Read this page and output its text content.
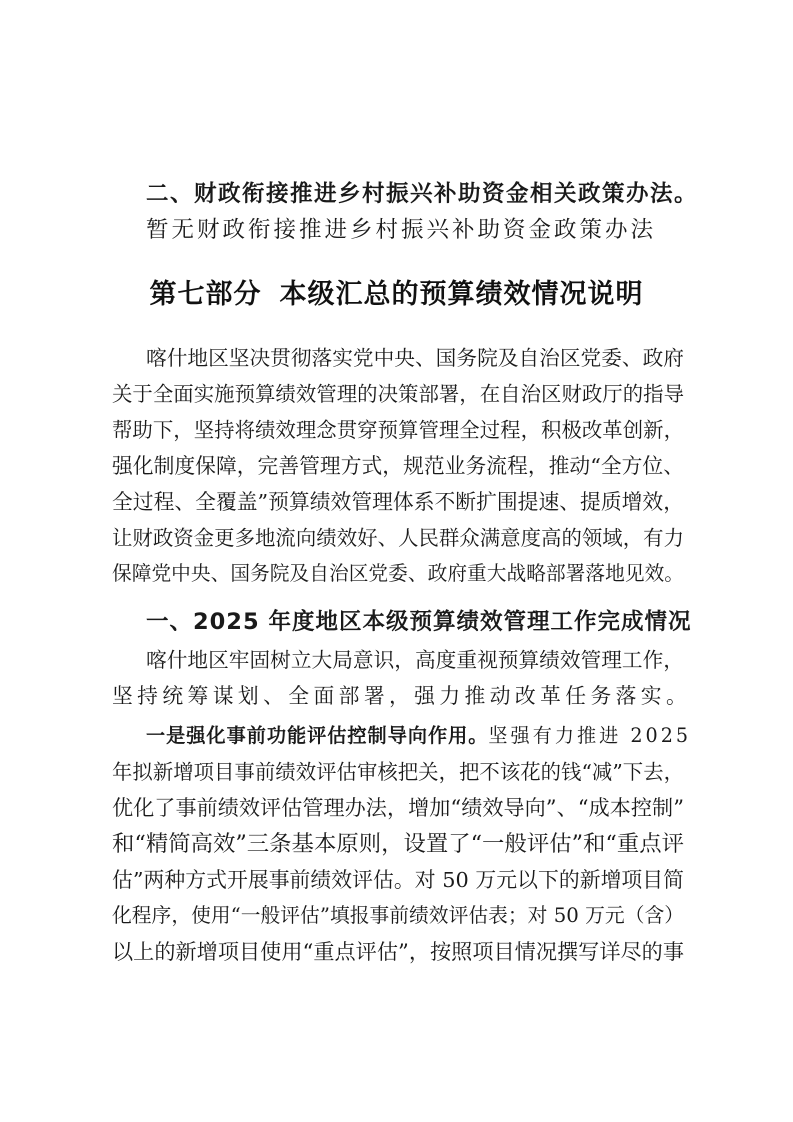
二、财政衔接推进乡村振兴补助资金相关政策办法。
暂无财政衔接推进乡村振兴补助资金政策办法
第七部分 本级汇总的预算绩效情况说明
喀什地区坚决贯彻落实党中央、国务院及自治区党委、政府
关于全面实施预算绩效管理的决策部署，在自治区财政厅的指导
帮助下，坚持将绩效理念贯穿预算管理全过程，积极改革创新，
强化制度保障，完善管理方式，规范业务流程，推动“全方位、
全过程、全覆盖”预算绩效管理体系不断扩围提速、提质增效，
让财政资金更多地流向绩效好、人民群众满意度高的领域，有力
保障党中央、国务院及自治区党委、政府重大战略部署落地见效。
一、2025 年度地区本级预算绩效管理工作完成情况
喀什地区牢固树立大局意识，高度重视预算绩效管理工作，
坚持统筹谋划、全面部署，强力推动改革任务落实。
一是强化事前功能评估控制导向作用。 坚强有力推进 2025
年拟新增项目事前绩效评估审核把关，把不该花的钱“减”下去，
优化了事前绩效评估管理办法，增加“绩效导向”、“成本控制”
和“精简高效”三条基本原则，设置了“一般评估”和“重点评
估”两种方式开展事前绩效评估。对 50 万元以下的新增项目简
化程序，使用“一般评估”填报事前绩效评估表；对 50 万元（含）
以上的新增项目使用“重点评估”，按照项目情况撰写详尽的事
